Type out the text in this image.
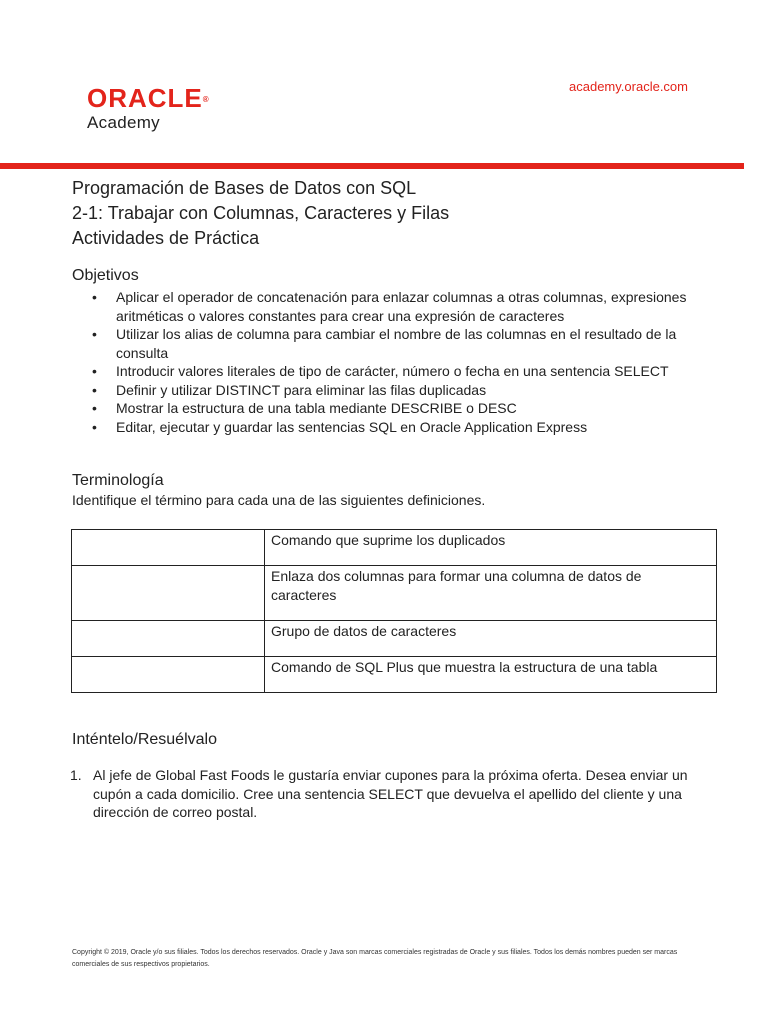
ORACLE®
Academy
academy.oracle.com
Programación de Bases de Datos con SQL
2-1: Trabajar con Columnas, Caracteres y Filas
Actividades de Práctica
Objetivos
• Aplicar el operador de concatenación para enlazar columnas a otras columnas, expresiones aritméticas o valores constantes para crear una expresión de caracteres
• Utilizar los alias de columna para cambiar el nombre de las columnas en el resultado de la consulta
• Introducir valores literales de tipo de carácter, número o fecha en una sentencia SELECT
• Definir y utilizar DISTINCT para eliminar las filas duplicadas
• Mostrar la estructura de una tabla mediante DESCRIBE o DESC
• Editar, ejecutar y guardar las sentencias SQL en Oracle Application Express
Terminología
Identifique el término para cada una de las siguientes definiciones.
	Comando que suprime los duplicados
	Enlaza dos columnas para formar una columna de datos de caracteres
	Grupo de datos de caracteres
	Comando de SQL Plus que muestra la estructura de una tabla
Inténtelo/Resuélvalo
1. Al jefe de Global Fast Foods le gustaría enviar cupones para la próxima oferta. Desea enviar un cupón a cada domicilio. Cree una sentencia SELECT que devuelva el apellido del cliente y una dirección de correo postal.
Copyright © 2019, Oracle y/o sus filiales. Todos los derechos reservados. Oracle y Java son marcas comerciales registradas de Oracle y sus filiales. Todos los demás nombres pueden ser marcas comerciales de sus respectivos propietarios.
